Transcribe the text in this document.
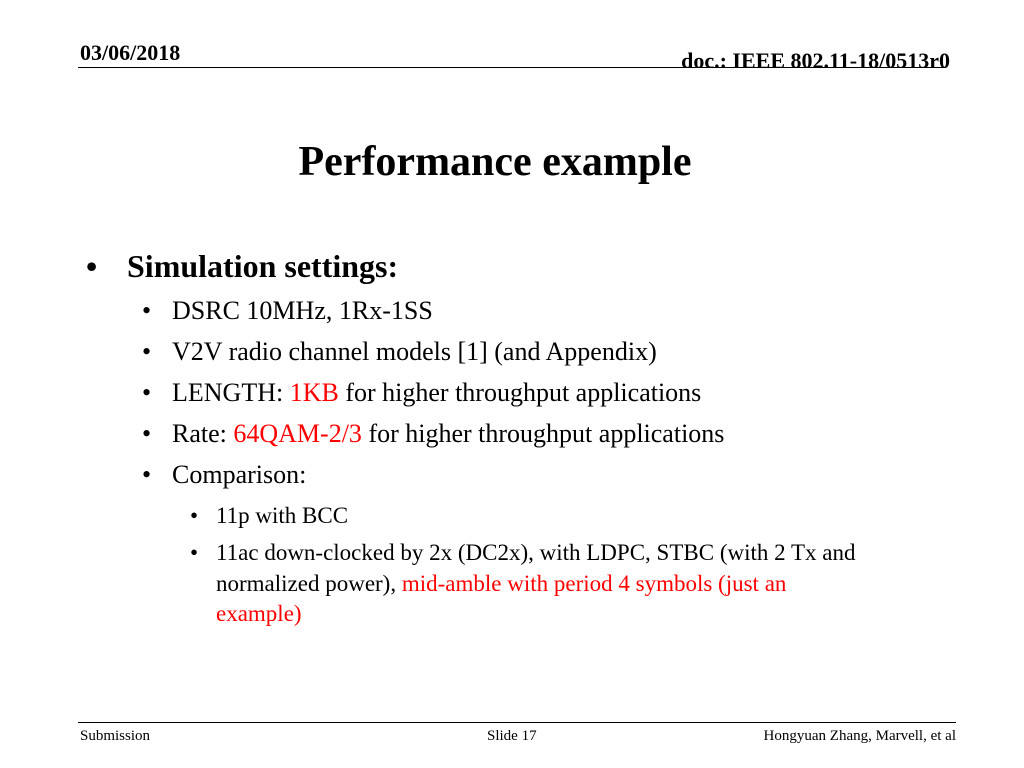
03/06/2018	doc.: IEEE 802.11-18/0513r0
Performance example
• Simulation settings:
• DSRC 10MHz, 1Rx-1SS
• V2V radio channel models [1] (and Appendix)
• LENGTH: 1KB for higher throughput applications
• Rate: 64QAM-2/3 for higher throughput applications
• Comparison:
• 11p with BCC
• 11ac down-clocked by 2x (DC2x), with LDPC, STBC (with 2 Tx and
normalized power), mid-amble with period 4 symbols (just an
example)
Submission	Slide 17	Hongyuan Zhang, Marvell, et al
